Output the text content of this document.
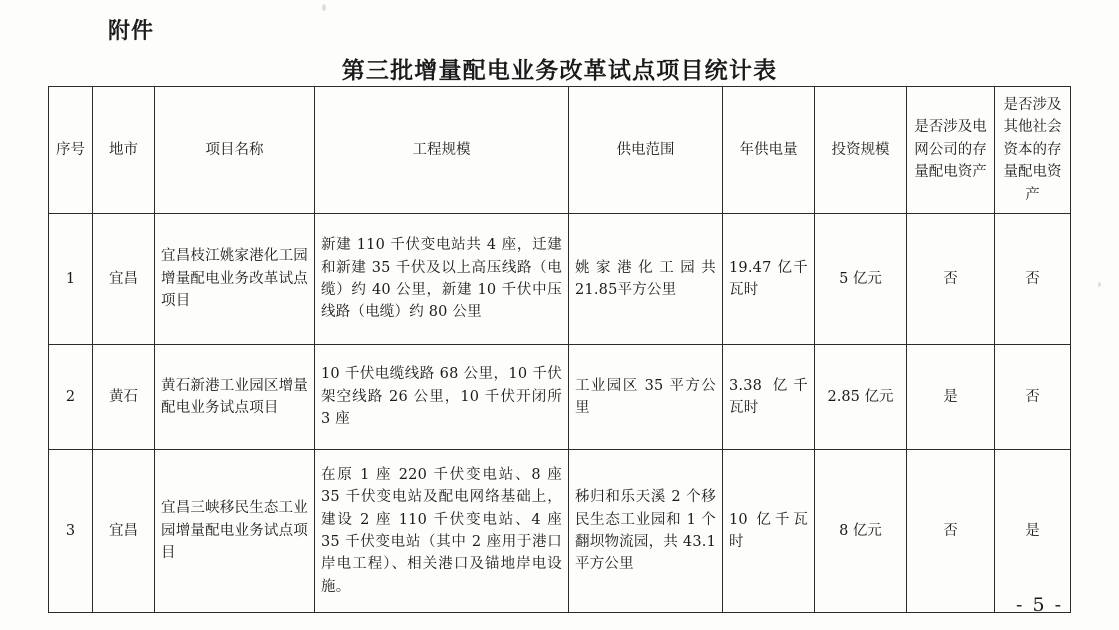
附件
第三批增量配电业务改革试点项目统计表
序号	地市	项目名称	工程规模	供电范围	年供电量	投资规模	是否涉及电网公司的存量配电资产	是否涉及其他社会资本的存量配电资产
1	宜昌	宜昌枝江姚家港化工园增量配电业务改革试点项目	新建 110 千伏变电站共 4 座，迁建和新建 35 千伏及以上高压线路（电缆）约 40 公里，新建 10 千伏中压线路（电缆）约 80 公里	姚家港化工园共21.85平方公里	19.47 亿千瓦时	5 亿元	否	否
2	黄石	黄石新港工业园区增量配电业务试点项目	10 千伏电缆线路 68 公里，10 千伏架空线路 26 公里，10 千伏开闭所 3 座	工业园区 35 平方公里	3.38 亿千瓦时	2.85 亿元	是	否
3	宜昌	宜昌三峡移民生态工业园增量配电业务试点项目	在原 1 座 220 千伏变电站、8 座 35 千伏变电站及配电网络基础上，建设 2 座 110 千伏变电站、4 座 35 千伏变电站（其中 2 座用于港口岸电工程）、相关港口及锚地岸电设施。	秭归和乐天溪 2 个移民生态工业园和 1 个翻坝物流园，共 43.1 平方公里	10 亿千瓦时	8 亿元	否	是
- 5 -
